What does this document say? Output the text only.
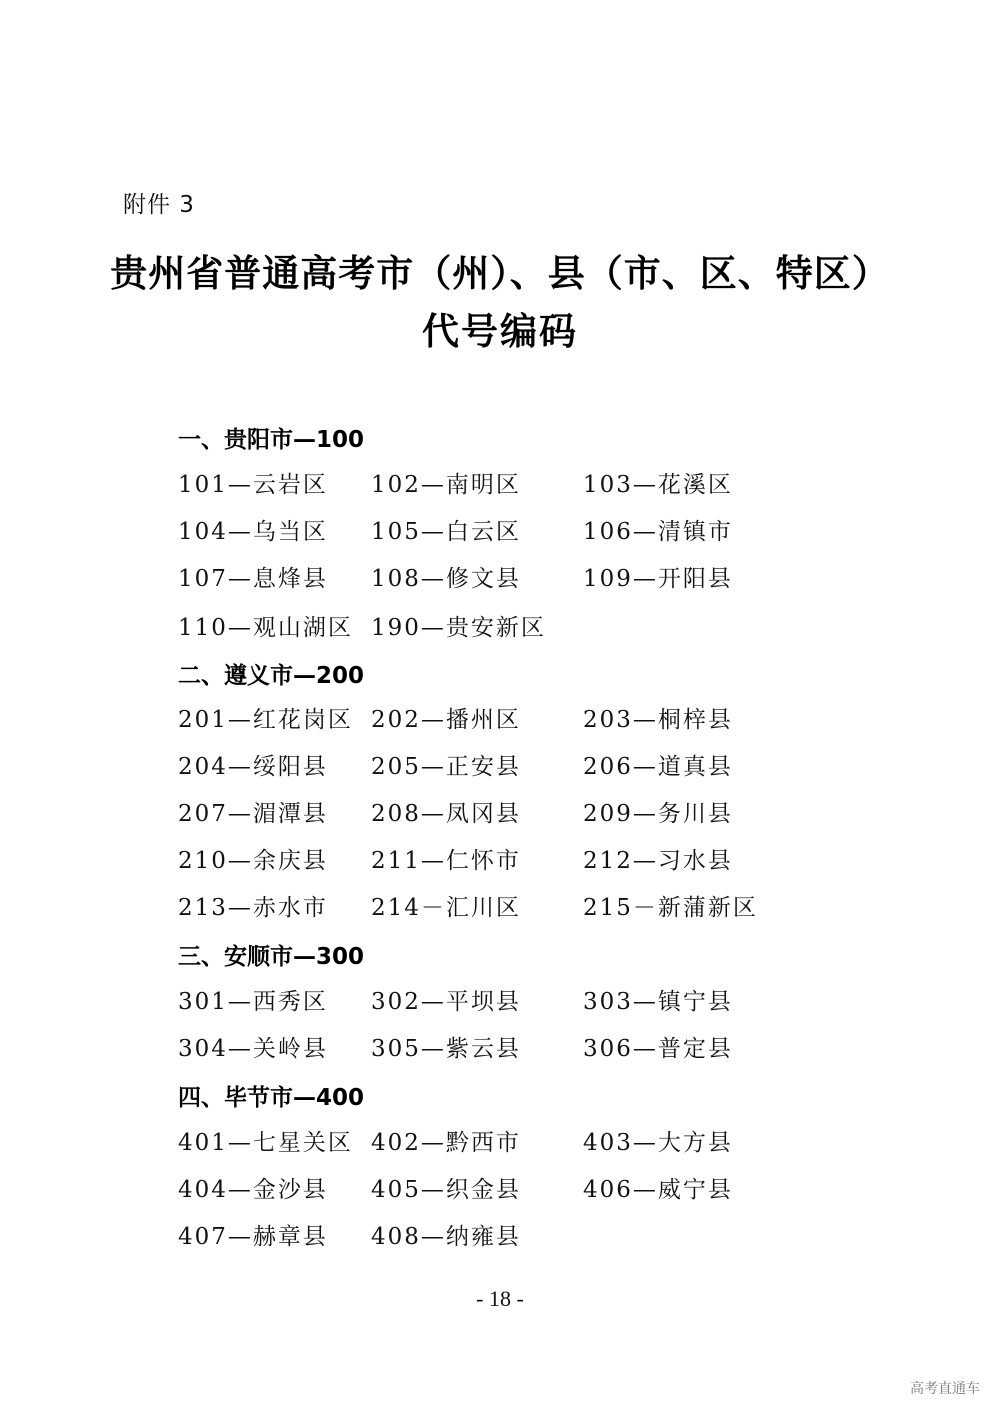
附件 3
贵州省普通高考市（州）、县（市、区、特区）
代号编码
一、贵阳市—100
101—云岩区 102—南明区	103—花溪区
104—乌当区 105—白云区	106—清镇市
107—息烽县 108—修文县	109—开阳县
110—观山湖区 190—贵安新区
二、遵义市—200
201—红花岗区 202—播州区	203—桐梓县
204—绥阳县 205—正安县	206—道真县
207—湄潭县 208—凤冈县	209—务川县
210—余庆县 211—仁怀市	212—习水县
213—赤水市 214－汇川区	215－新蒲新区
三、安顺市—300
301—西秀区 302—平坝县	303—镇宁县
304—关岭县 305—紫云县	306—普定县
四、毕节市—400
401—七星关区 402—黔西市	403—大方县
404—金沙县 405—织金县	406—威宁县
407—赫章县 408—纳雍县
- 18 -
高考直通车
